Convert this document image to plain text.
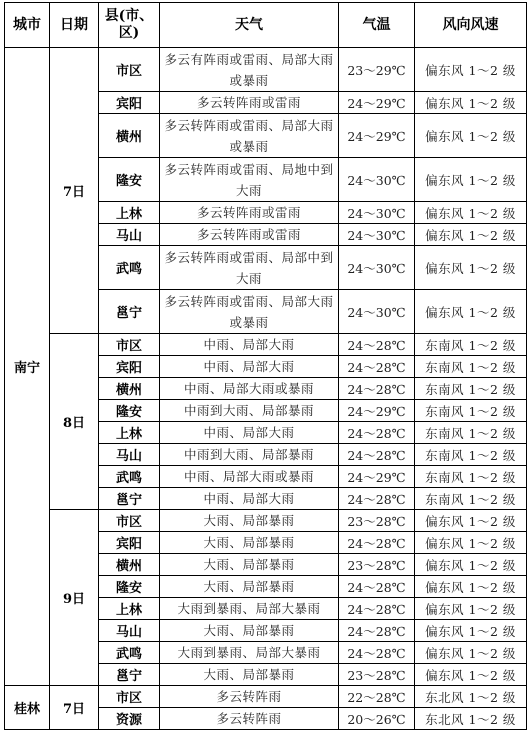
城市	日期	县(市、区)	天气	气温	风向风速
南宁	7日	市区	多云有阵雨或雷雨、局部大雨或暴雨	23～29℃	偏东风 1～2 级
		宾阳	多云转阵雨或雷雨	24～29℃	偏东风 1～2 级
		横州	多云转阵雨或雷雨、局部大雨或暴雨	24～29℃	偏东风 1～2 级
		隆安	多云转阵雨或雷雨、局地中到大雨	24～30℃	偏东风 1～2 级
		上林	多云转阵雨或雷雨	24～30℃	偏东风 1～2 级
		马山	多云转阵雨或雷雨	24～30℃	偏东风 1～2 级
		武鸣	多云转阵雨或雷雨、局部中到大雨	24～30℃	偏东风 1～2 级
		邕宁	多云转阵雨或雷雨、局部大雨或暴雨	24～30℃	偏东风 1～2 级
	8日	市区	中雨、局部大雨	24～28℃	东南风 1～2 级
		宾阳	中雨、局部大雨	24～28℃	东南风 1～2 级
		横州	中雨、局部大雨或暴雨	24～28℃	东南风 1～2 级
		隆安	中雨到大雨、局部暴雨	24～29℃	东南风 1～2 级
		上林	中雨、局部大雨	24～28℃	东南风 1～2 级
		马山	中雨到大雨、局部暴雨	24～28℃	东南风 1～2 级
		武鸣	中雨、局部大雨或暴雨	24～29℃	东南风 1～2 级
		邕宁	中雨、局部大雨	24～28℃	东南风 1～2 级
	9日	市区	大雨、局部暴雨	23～28℃	偏东风 1～2 级
		宾阳	大雨、局部暴雨	24～28℃	偏东风 1～2 级
		横州	大雨、局部暴雨	23～28℃	偏东风 1～2 级
		隆安	大雨、局部暴雨	24～28℃	偏东风 1～2 级
		上林	大雨到暴雨、局部大暴雨	24～28℃	偏东风 1～2 级
		马山	大雨、局部暴雨	24～28℃	偏东风 1～2 级
		武鸣	大雨到暴雨、局部大暴雨	24～28℃	偏东风 1～2 级
		邕宁	大雨、局部暴雨	23～28℃	偏东风 1～2 级
桂林	7日	市区	多云转阵雨	22～28℃	东北风 1～2 级
		资源	多云转阵雨	20～26℃	东北风 1～2 级
